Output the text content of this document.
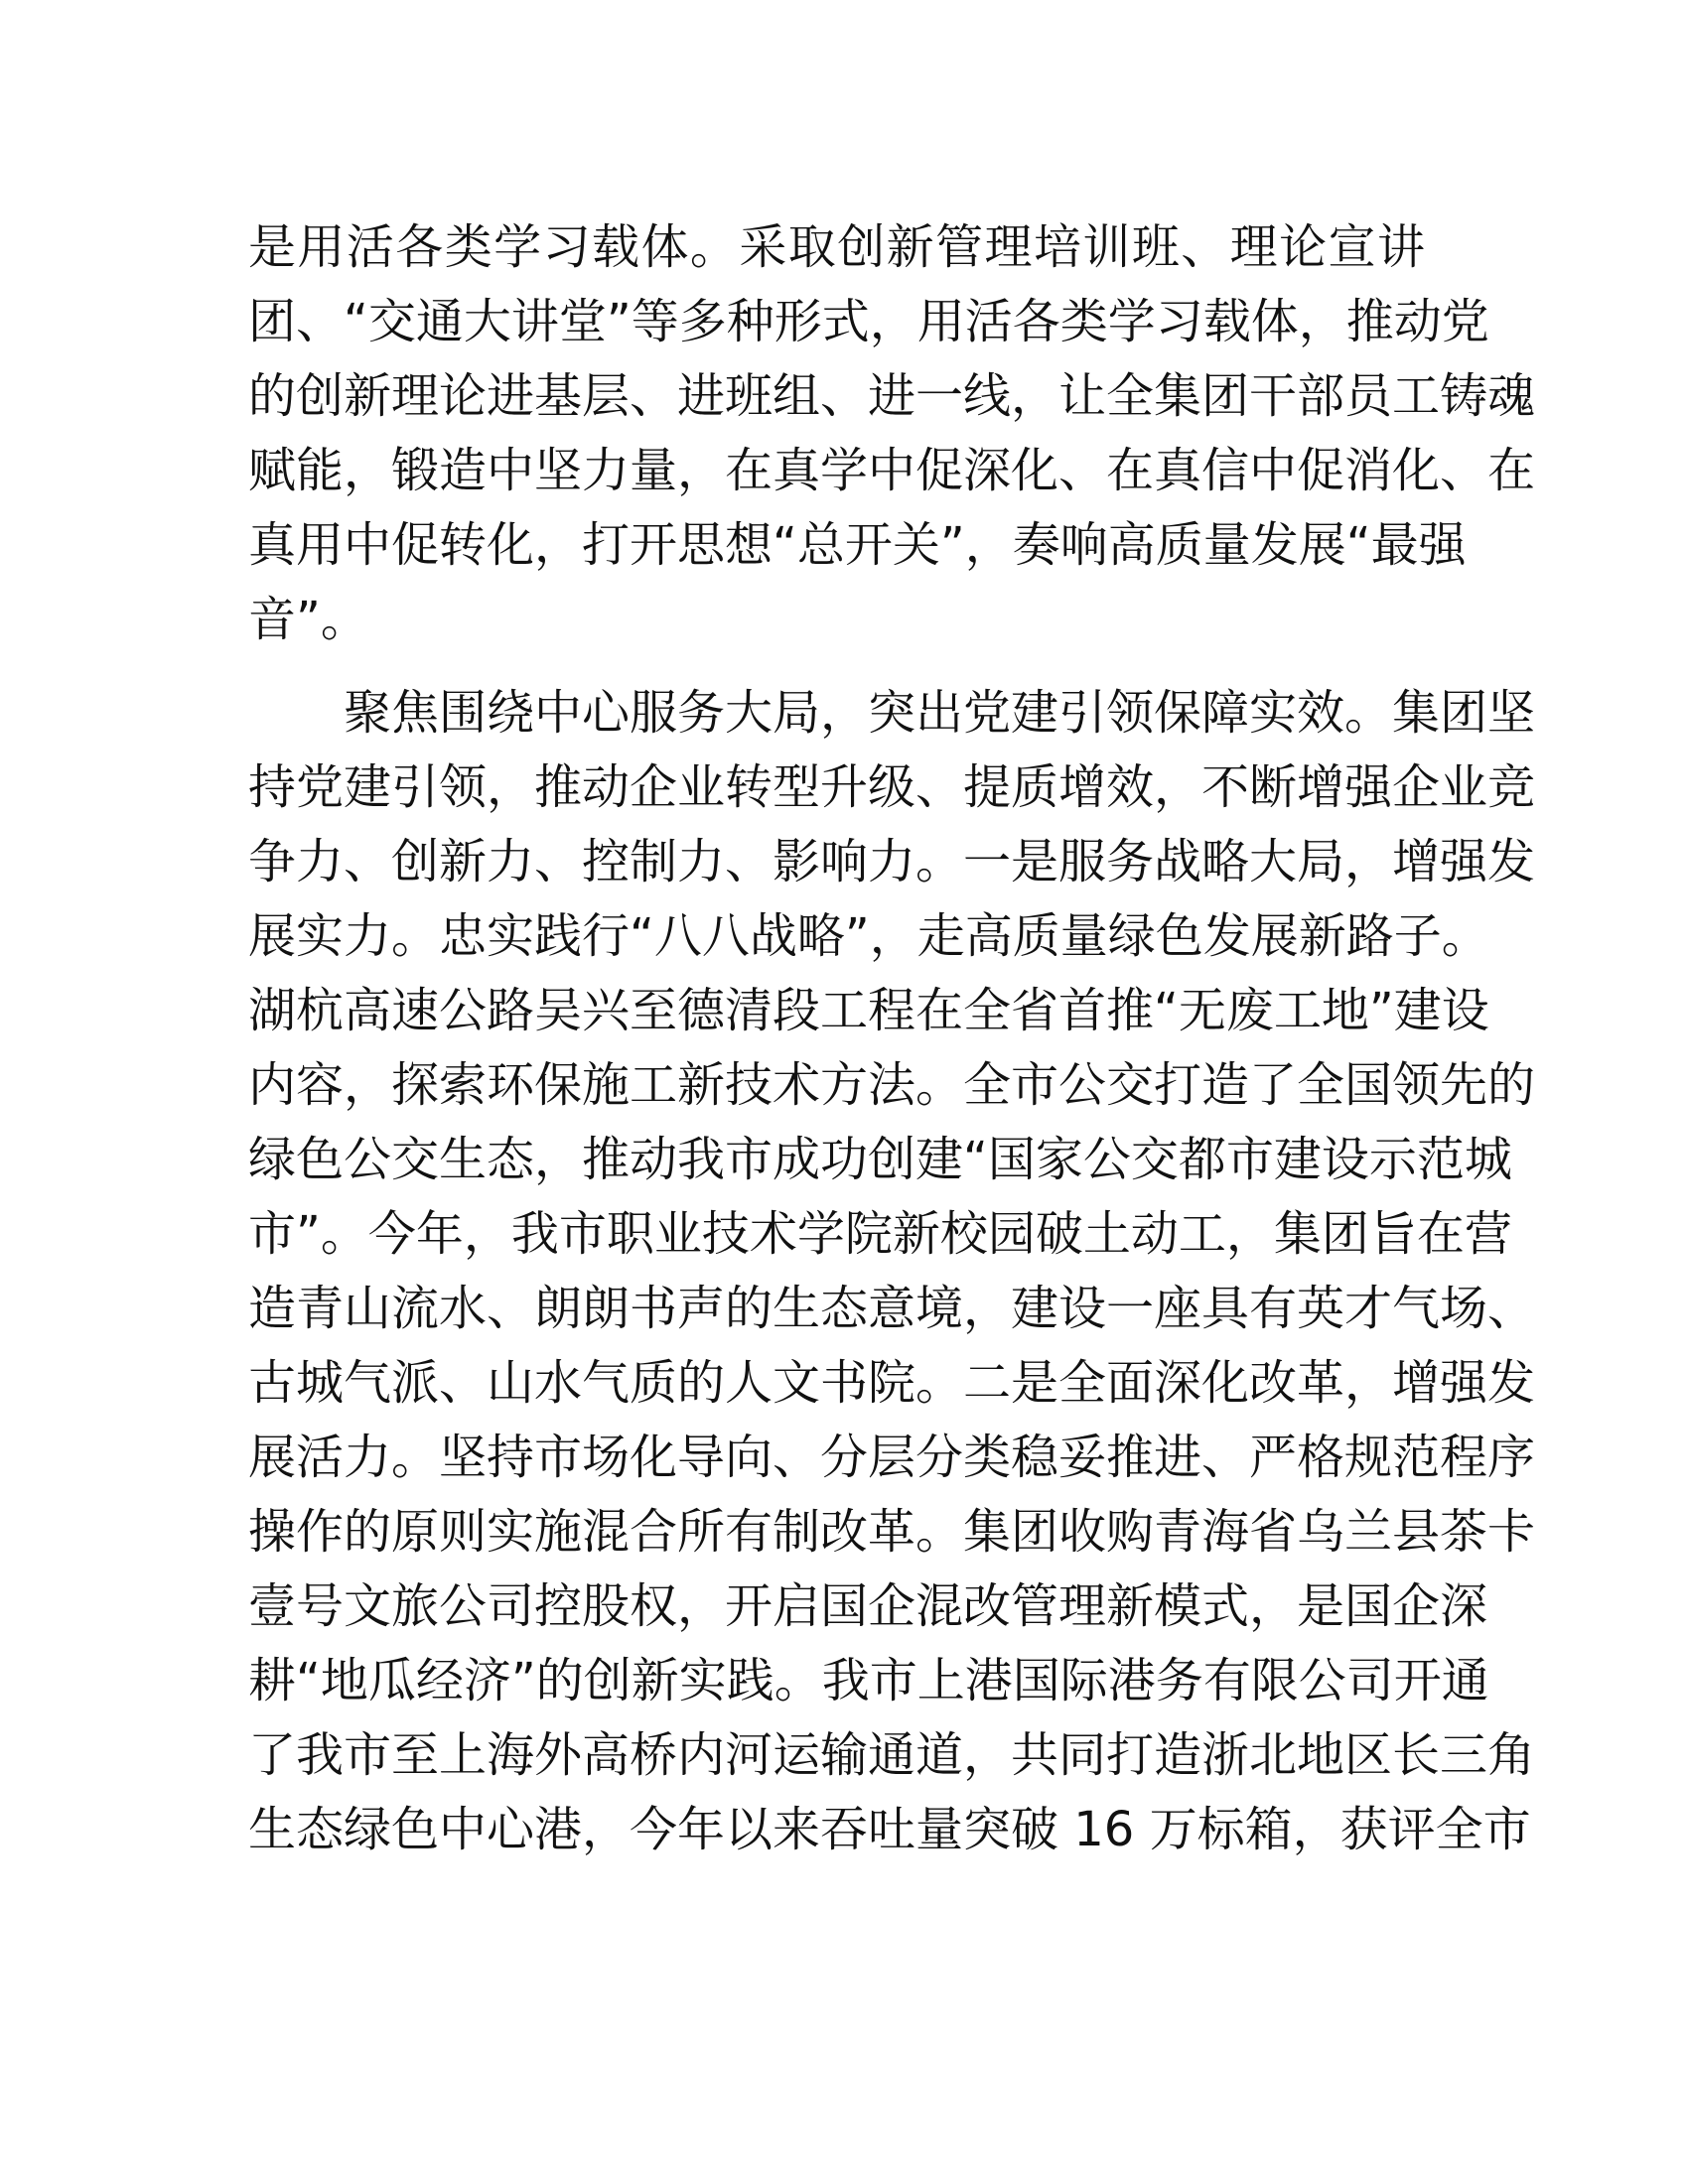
是用活各类学习载体。采取创新管理培训班、理论宣讲
团、“交通大讲堂”等多种形式，用活各类学习载体，推动党
的创新理论进基层、进班组、进一线，让全集团干部员工铸魂
赋能，锻造中坚力量，在真学中促深化、在真信中促消化、在
真用中促转化，打开思想“总开关”，奏响高质量发展“最强
音”。
　　聚焦围绕中心服务大局，突出党建引领保障实效。集团坚
持党建引领，推动企业转型升级、提质增效，不断增强企业竞
争力、创新力、控制力、影响力。一是服务战略大局，增强发
展实力。忠实践行“八八战略”，走高质量绿色发展新路子。
湖杭高速公路吴兴至德清段工程在全省首推“无废工地”建设
内容，探索环保施工新技术方法。全市公交打造了全国领先的
绿色公交生态，推动我市成功创建“国家公交都市建设示范城
市”。今年，我市职业技术学院新校园破土动工，集团旨在营
造青山流水、朗朗书声的生态意境，建设一座具有英才气场、
古城气派、山水气质的人文书院。二是全面深化改革，增强发
展活力。坚持市场化导向、分层分类稳妥推进、严格规范程序
操作的原则实施混合所有制改革。集团收购青海省乌兰县茶卡
壹号文旅公司控股权，开启国企混改管理新模式，是国企深
耕“地瓜经济”的创新实践。我市上港国际港务有限公司开通
了我市至上海外高桥内河运输通道，共同打造浙北地区长三角
生态绿色中心港，今年以来吞吐量突破 16 万标箱，获评全市
